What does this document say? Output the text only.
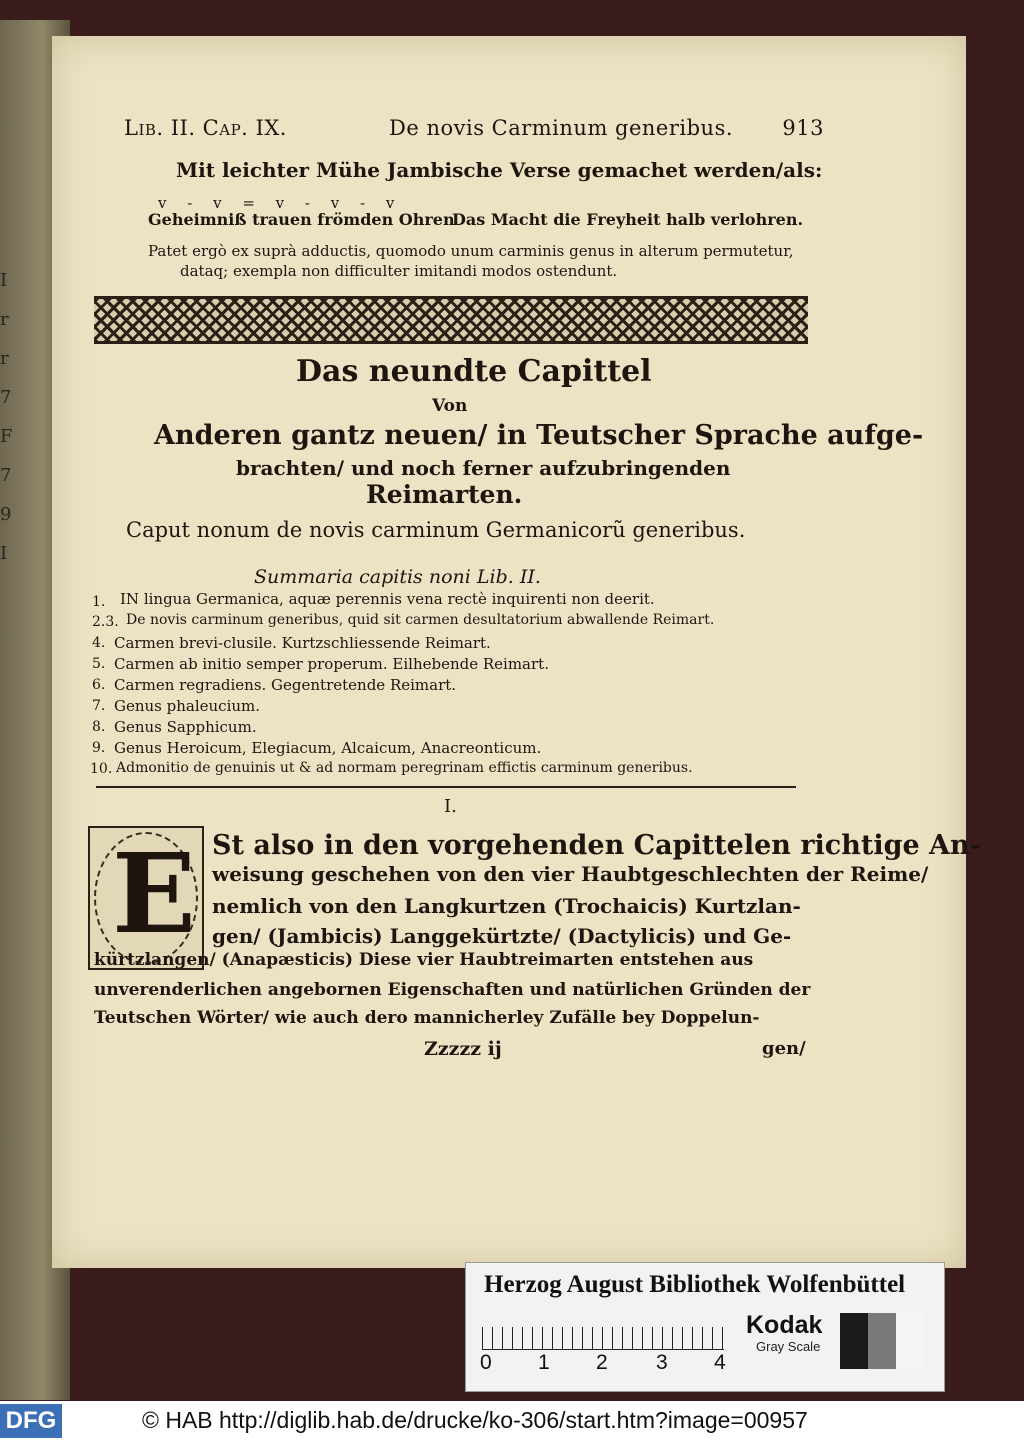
I
r
r
7
F
7
9
I
Lib. II. Cap. IX.	De novis Carminum generibus. 913
Mit leichter Mühe Jambische Verse gemachet werden/als:
v - v = v - v - v
Geheimniß trauen frömden Ohren
Das Macht die Freyheit halb verlohren.
Patet ergò ex suprà adductis, quomodo unum carminis genus in alterum permutetur,
dataq; exempla non difficulter imitandi modos ostendunt.
Das neundte Capittel
Von
Anderen gantz neuen/ in Teutscher Sprache aufge-
brachten/ und noch ferner aufzubringenden
Reimarten.
Caput nonum de novis carminum Germanicorũ generibus.
Summaria capitis noni Lib. II.
1. IN lingua Germanica, aquæ perennis vena rectè inquirenti non deerit.
2.3. De novis carminum generibus, quid sit carmen desultatorium abwallende Reimart.
4. Carmen brevi-clusile. Kurtzschliessende Reimart.
5. Carmen ab initio semper properum. Eilhebende Reimart.
6. Carmen regradiens. Gegentretende Reimart.
7. Genus phaleucium.
8. Genus Sapphicum.
9. Genus Heroicum, Elegiacum, Alcaicum, Anacreonticum.
10. Admonitio de genuinis ut & ad normam peregrinam effictis carminum generibus.
I.
E St also in den vorgehenden Capittelen richtige An-
weisung geschehen von den vier Haubtgeschlechten der Reime/
nemlich von den Langkurtzen (Trochaicis) Kurtzlan-
gen/ (Jambicis) Langgekürtzte/ (Dactylicis) und Ge-
kürtzlangen/ (Anapæsticis) Diese vier Haubtreimarten entstehen aus
unverenderlichen angebornen Eigenschaften und natürlichen Gründen der
Teutschen Wörter/ wie auch dero mannicherley Zufälle bey Doppelun-
Zzzzz ij	gen/
Herzog August Bibliothek Wolfenbüttel
0 1 2 3 4
Kodak
Gray Scale
DFG	© HAB http://diglib.hab.de/drucke/ko-306/start.htm?image=00957
